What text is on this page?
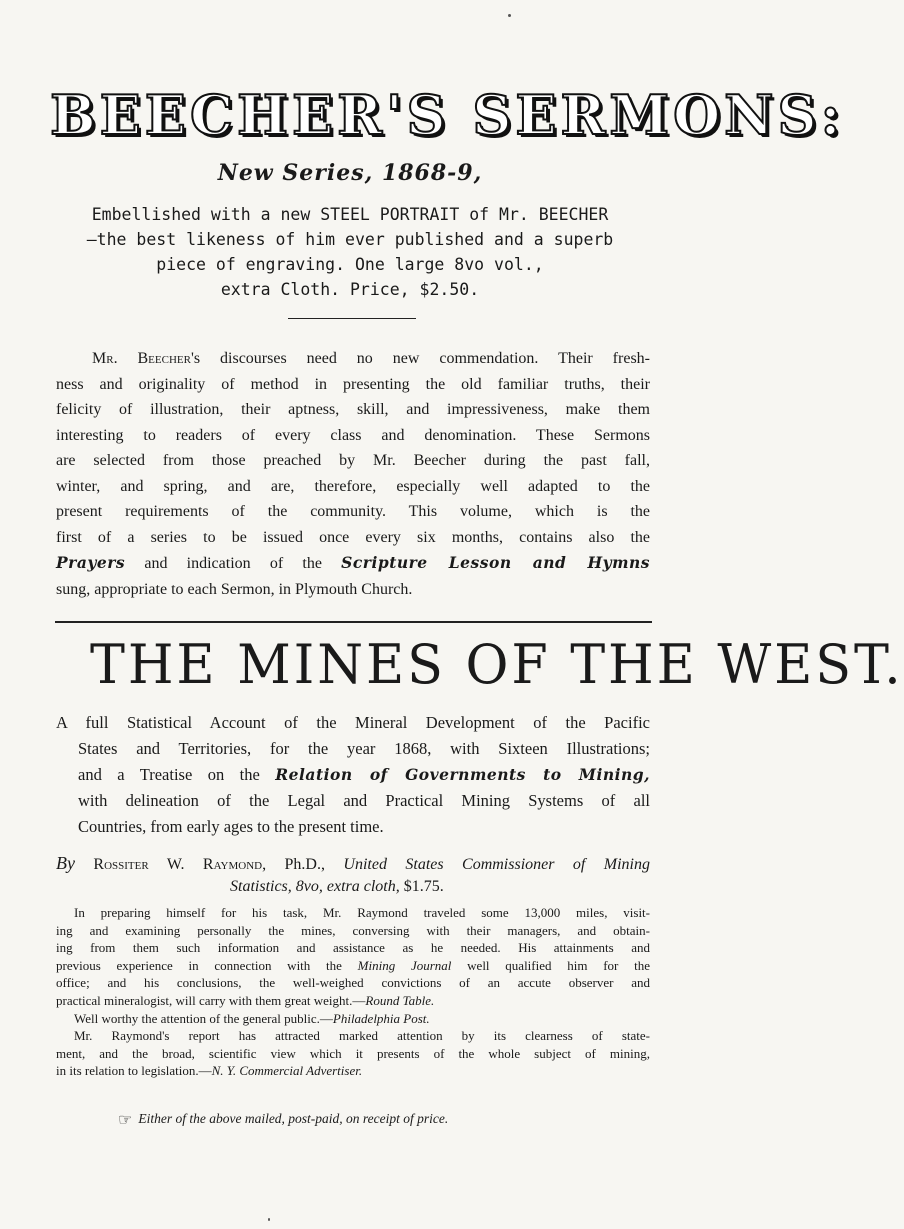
BEECHER'S SERMONS:
New Series, 1868-9,
Embellished with a new STEEL PORTRAIT of Mr. BEECHER
—the best likeness of him ever published and a superb
piece of engraving. One large 8vo vol.,
extra Cloth. Price, $2.50.
Mr. Beecher's discourses need no new commendation. Their fresh-
ness and originality of method in presenting the old familiar truths, their
felicity of illustration, their aptness, skill, and impressiveness, make them
interesting to readers of every class and denomination. These Sermons
are selected from those preached by Mr. Beecher during the past fall,
winter, and spring, and are, therefore, especially well adapted to the
present requirements of the community. This volume, which is the
first of a series to be issued once every six months, contains also the
Prayers and indication of the Scripture Lesson and Hymns
sung, appropriate to each Sermon, in Plymouth Church.
THE MINES OF THE WEST.
A full Statistical Account of the Mineral Development of the Pacific
States and Territories, for the year 1868, with Sixteen Illustrations;
and a Treatise on the Relation of Governments to Mining,
with delineation of the Legal and Practical Mining Systems of all
Countries, from early ages to the present time.
By Rossiter W. Raymond, Ph.D., United States Commissioner of Mining
Statistics, 8vo, extra cloth, $1.75.
In preparing himself for his task, Mr. Raymond traveled some 13,000 miles, visit-
ing and examining personally the mines, conversing with their managers, and obtain-
ing from them such information and assistance as he needed. His attainments and
previous experience in connection with the Mining Journal well qualified him for the
office; and his conclusions, the well-weighed convictions of an accute observer and
practical mineralogist, will carry with them great weight.—Round Table.
Well worthy the attention of the general public.—Philadelphia Post.
Mr. Raymond's report has attracted marked attention by its clearness of state-
ment, and the broad, scientific view which it presents of the whole subject of mining,
in its relation to legislation.—N. Y. Commercial Advertiser.
☞ Either of the above mailed, post-paid, on receipt of price.
